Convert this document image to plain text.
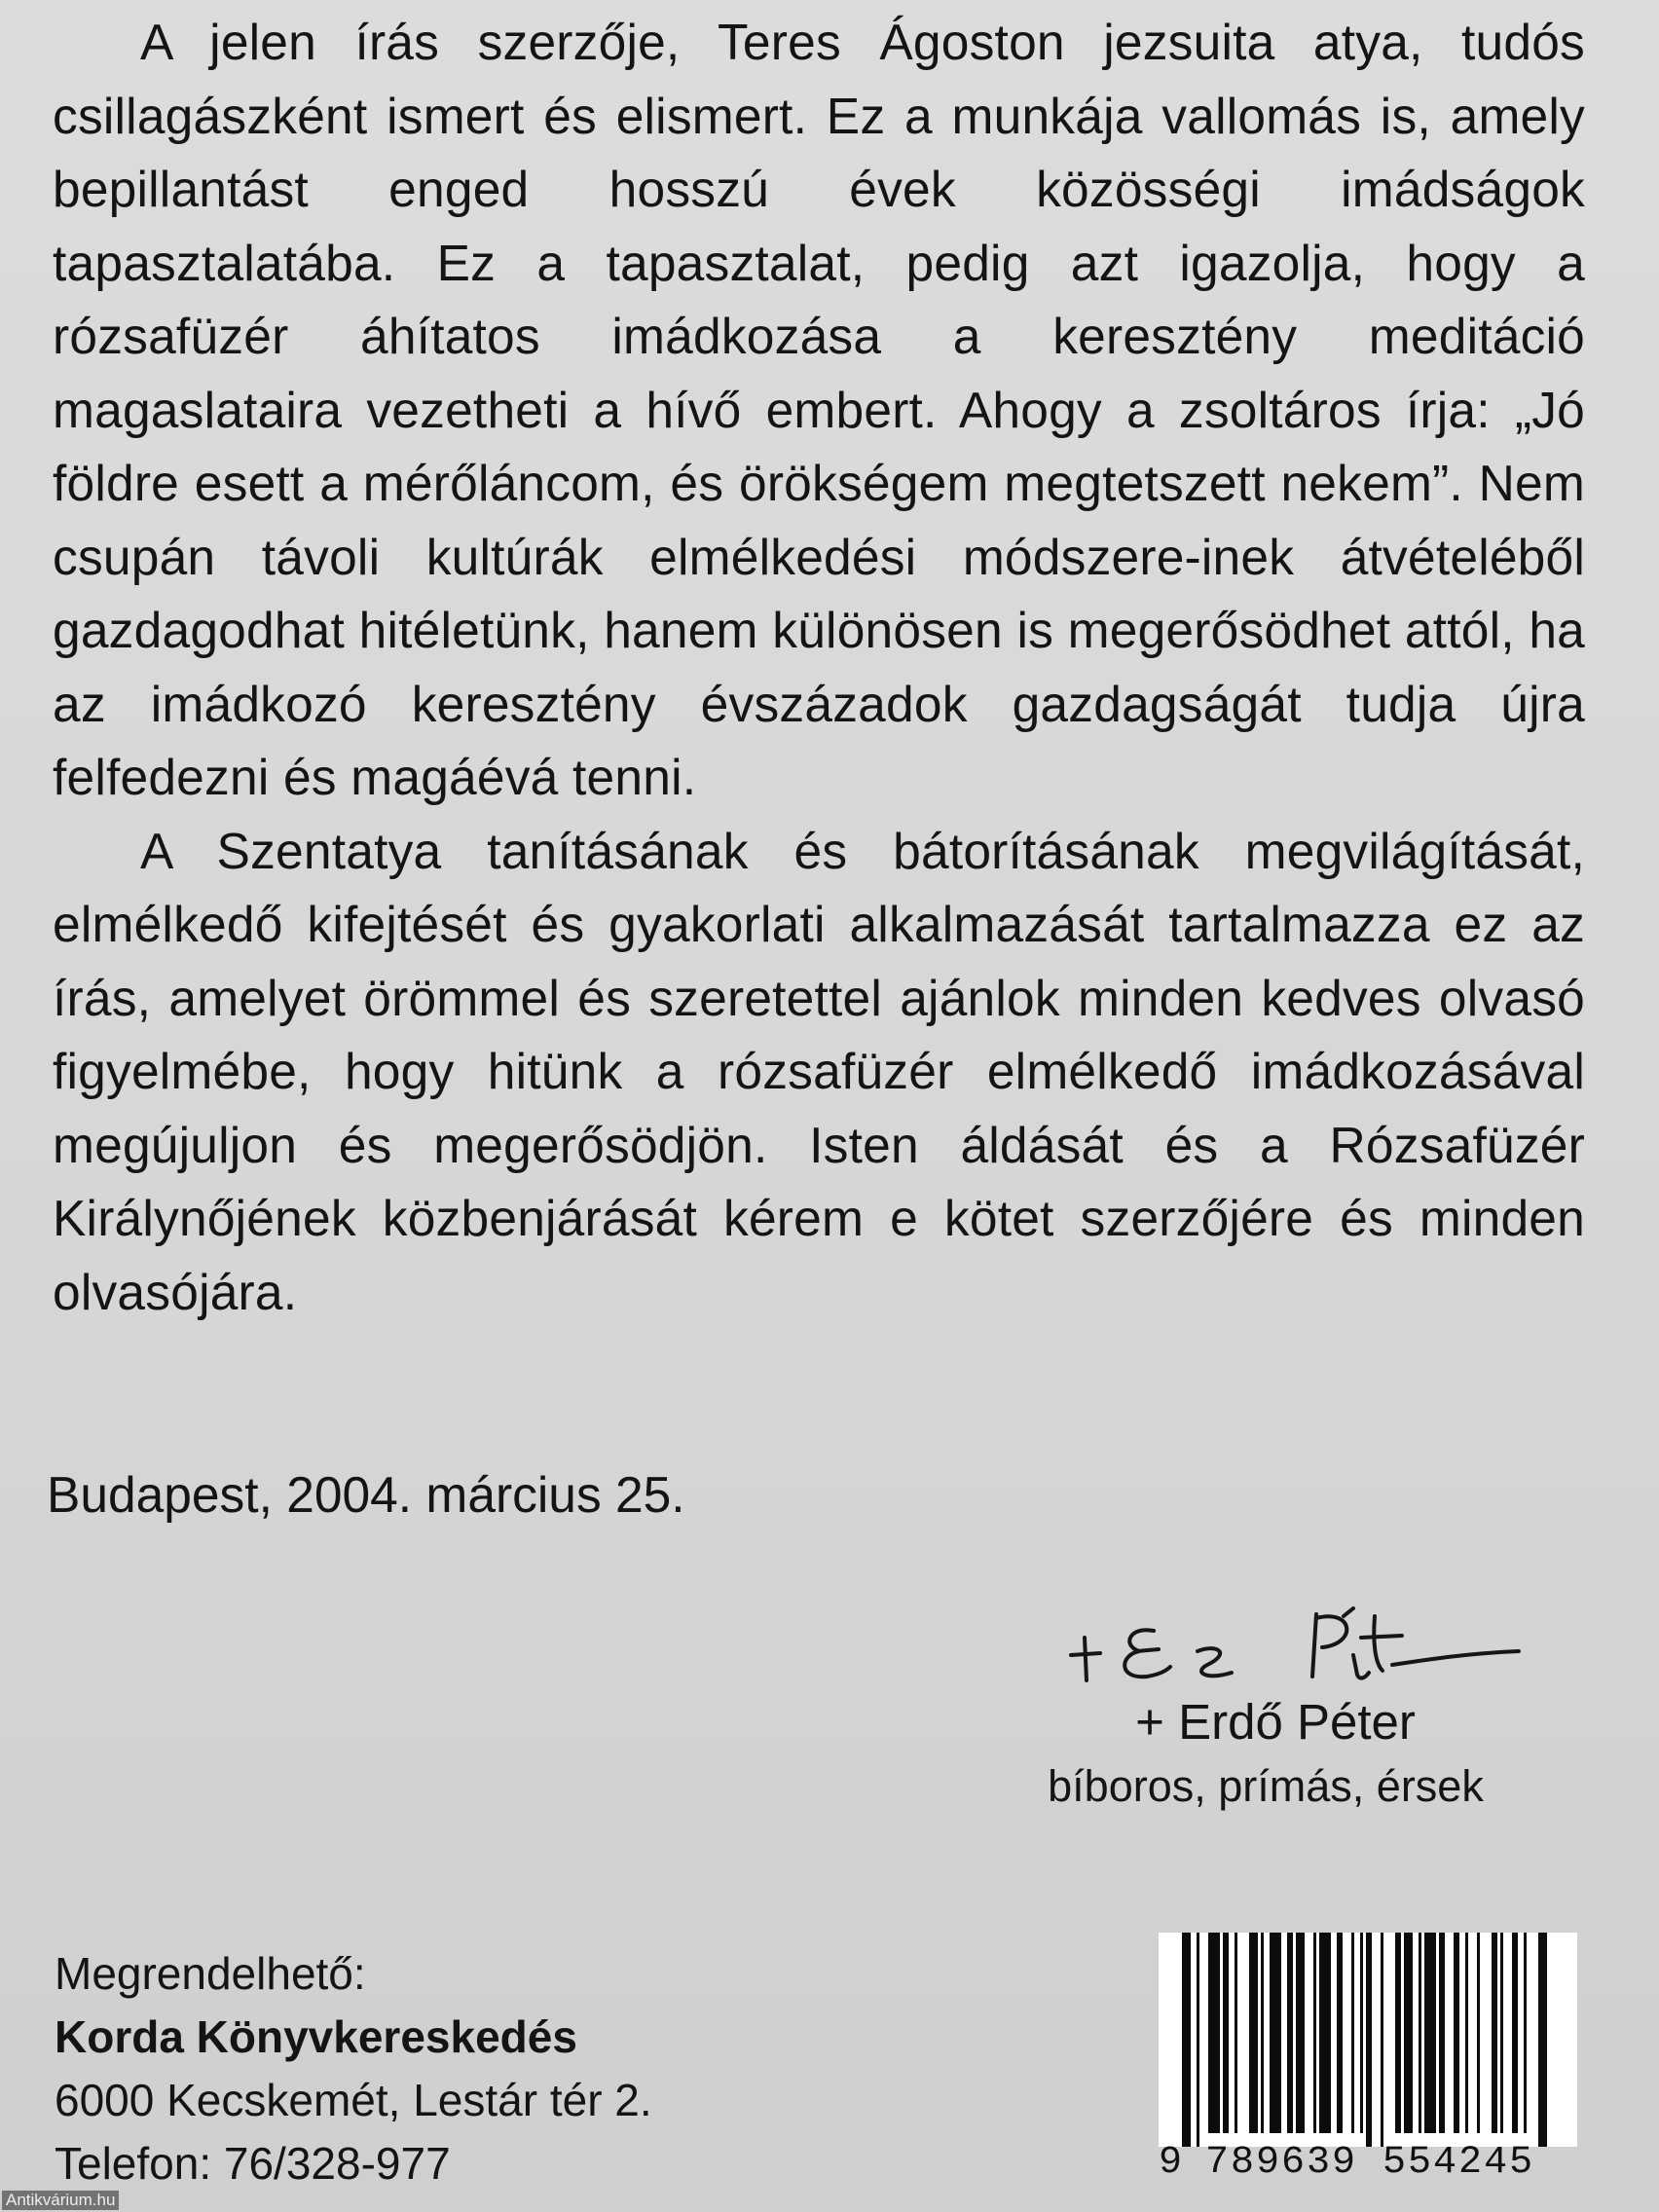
A jelen írás szerzője, Teres Ágoston jezsuita atya, tudós csillagászként ismert és elismert. Ez a munkája vallomás is, amely bepillantást enged hosszú évek közösségi imádságok tapasztalatába. Ez a tapasztalat, pedig azt igazolja, hogy a rózsafüzér áhítatos imádkozása a keresztény meditáció magaslataira vezetheti a hívő embert. Ahogy a zsoltáros írja: „Jó földre esett a mérőláncom, és örökségem megtetszett nekem”. Nem csupán távoli kultúrák elmélkedési módszere-inek átvételéből gazdagodhat hitéletünk, hanem különösen is megerősödhet attól, ha az imádkozó keresztény évszázadok gazdagságát tudja újra felfedezni és magáévá tenni.

A Szentatya tanításának és bátorításának megvilágítását, elmélkedő kifejtését és gyakorlati alkalmazását tartalmazza ez az írás, amelyet örömmel és szeretettel ajánlok minden kedves olvasó figyelmébe, hogy hitünk a rózsafüzér elmélkedő imádkozásával megújuljon és megerősödjön. Isten áldását és a Rózsafüzér Királynőjének közbenjárását kérem e kötet szerzőjére és minden olvasójára.

Budapest, 2004. március 25.
+ Erdő Péter
bíboros, prímás, érsek
Megrendelhető:
Korda Könyvkereskedés
6000 Kecskemét, Lestár tér 2.
Telefon: 76/328-977	9 789639 554245
Antikvárium.hu
